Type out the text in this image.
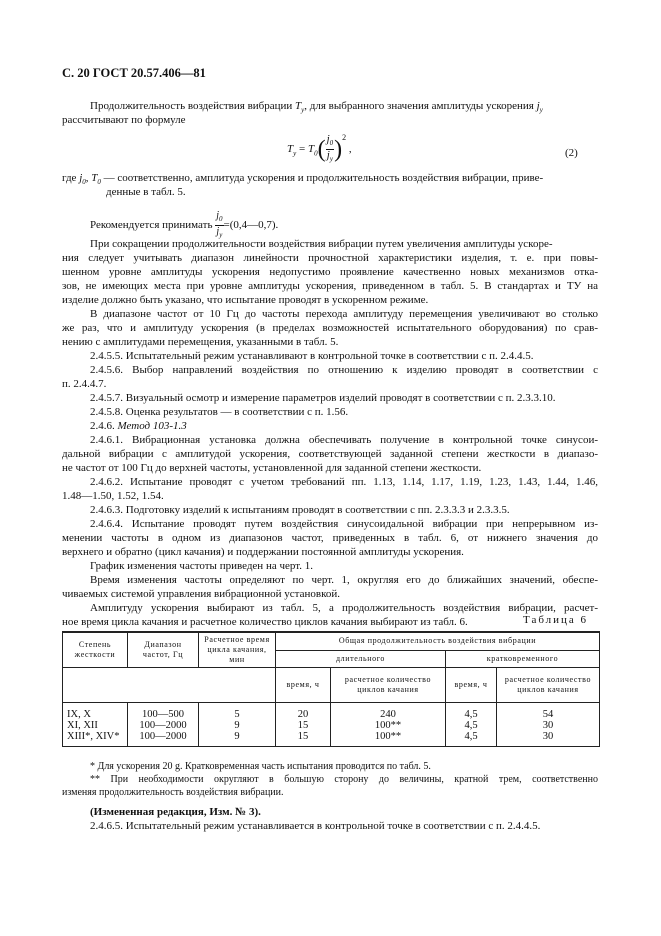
С. 20 ГОСТ 20.57.406—81
Продолжительность воздействия вибрации $T_y$, для выбранного значения амплитуды ускорения $j_y$
рассчитывают по формуле
$T_y = T_0( \frac{j_0}{j_y} )^2$ ,	(2)
где $j_0$, $T_0$ — соответственно, амплитуда ускорения и продолжительность воздействия вибрации, приве-
денные в табл. 5.
Рекомендуется принимать $\frac{j_0}{j_y}$ =(0,4—0,7).
При сокращении продолжительности воздействия вибрации путем увеличения амплитуды ускоре-
ния следует учитывать диапазон линейности прочностной характеристики изделия, т. е. при повы-
шенном уровне амплитуды ускорения недопустимо проявление качественно новых механизмов отка-
зов, не имеющих места при уровне амплитуды ускорения, приведенном в табл. 5. В стандартах и ТУ на
изделие должно быть указано, что испытание проводят в ускоренном режиме.
В диапазоне частот от 10 Гц до частоты перехода амплитуду перемещения увеличивают во столько
же раз, что и амплитуду ускорения (в пределах возможностей испытательного оборудования) по срав-
нению с амплитудами перемещения, указанными в табл. 5.
2.4.5.5. Испытательный режим устанавливают в контрольной точке в соответствии с п. 2.4.4.5.
2.4.5.6. Выбор направлений воздействия по отношению к изделию проводят в соответствии с
п. 2.4.4.7.
2.4.5.7. Визуальный осмотр и измерение параметров изделий проводят в соответствии с п. 2.3.3.10.
2.4.5.8. Оценка результатов — в соответствии с п. 1.56.
2.4.6. Метод 103-1.3
2.4.6.1. Вибрационная установка должна обеспечивать получение в контрольной точке синусои-
дальной вибрации с амплитудой ускорения, соответствующей заданной степени жесткости в диапазо-
не частот от 100 Гц до верхней частоты, установленной для заданной степени жесткости.
2.4.6.2. Испытание проводят с учетом требований пп. 1.13, 1.14, 1.17, 1.19, 1.23, 1.43, 1.44, 1.46,
1.48—1.50, 1.52, 1.54.
2.4.6.3. Подготовку изделий к испытаниям проводят в соответствии с пп. 2.3.3.3 и 2.3.3.5.
2.4.6.4. Испытание проводят путем воздействия синусоидальной вибрации при непрерывном из-
менении частоты в одном из диапазонов частот, приведенных в табл. 6, от нижнего значения до
верхнего и обратно (цикл качания) и поддержании постоянной амплитуды ускорения.
График изменения частоты приведен на черт. 1.
Время изменения частоты определяют по черт. 1, округляя его до ближайших значений, обеспе-
чиваемых системой управления вибрационной установкой.
Амплитуду ускорения выбирают из табл. 5, а продолжительность воздействия вибрации, расчет-
ное время цикла качания и расчетное количество циклов качания выбирают из табл. 6.	Таблица 6
Степень жесткости	Диапазон частот, Гц	Расчетное время цикла качания, мин	Общая продолжительность воздействия вибрации			
			длительного		кратковременного	
			время, ч	расчетное количество циклов качания	время, ч	расчетное количество циклов качания
IX, X	100—500	5	20	240	4,5	54
XI, XII	100—2000	9	15	100**	4,5	30
XIII*, XIV*	100—2000	9	15	100**	4,5	30
* Для ускорения 20 g. Кратковременная часть испытания проводится по табл. 5.
** При необходимости округляют в большую сторону до величины, кратной трем, соответственно
изменяя продолжительность воздействия вибрации.
(Измененная редакция, Изм. № 3).
2.4.6.5. Испытательный режим устанавливается в контрольной точке в соответствии с п. 2.4.4.5.
